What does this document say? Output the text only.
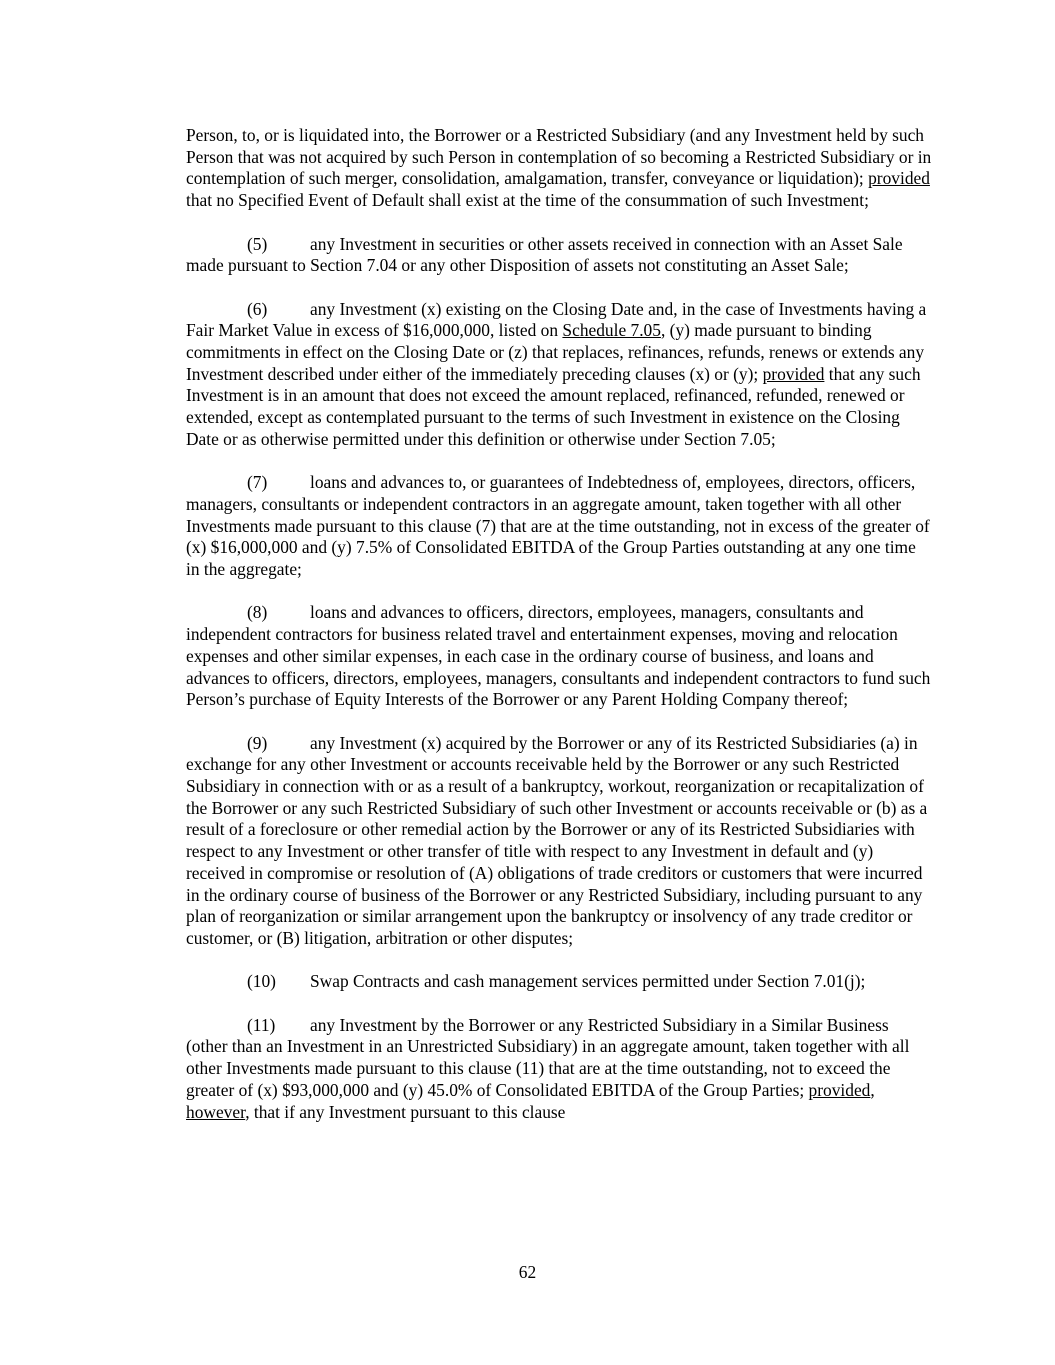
Person, to, or is liquidated into, the Borrower or a Restricted Subsidiary (and any Investment held by such Person that was not acquired by such Person in contemplation of so becoming a Restricted Subsidiary or in contemplation of such merger, consolidation, amalgamation, transfer, conveyance or liquidation); provided that no Specified Event of Default shall exist at the time of the consummation of such Investment;

(5) any Investment in securities or other assets received in connection with an Asset Sale made pursuant to Section 7.04 or any other Disposition of assets not constituting an Asset Sale;

(6) any Investment (x) existing on the Closing Date and, in the case of Investments having a Fair Market Value in excess of $16,000,000, listed on Schedule 7.05, (y) made pursuant to binding commitments in effect on the Closing Date or (z) that replaces, refinances, refunds, renews or extends any Investment described under either of the immediately preceding clauses (x) or (y); provided that any such Investment is in an amount that does not exceed the amount replaced, refinanced, refunded, renewed or extended, except as contemplated pursuant to the terms of such Investment in existence on the Closing Date or as otherwise permitted under this definition or otherwise under Section 7.05;

(7) loans and advances to, or guarantees of Indebtedness of, employees, directors, officers, managers, consultants or independent contractors in an aggregate amount, taken together with all other Investments made pursuant to this clause (7) that are at the time outstanding, not in excess of the greater of (x) $16,000,000 and (y) 7.5% of Consolidated EBITDA of the Group Parties outstanding at any one time in the aggregate;

(8) loans and advances to officers, directors, employees, managers, consultants and independent contractors for business related travel and entertainment expenses, moving and relocation expenses and other similar expenses, in each case in the ordinary course of business, and loans and advances to officers, directors, employees, managers, consultants and independent contractors to fund such Person’s purchase of Equity Interests of the Borrower or any Parent Holding Company thereof;

(9) any Investment (x) acquired by the Borrower or any of its Restricted Subsidiaries (a) in exchange for any other Investment or accounts receivable held by the Borrower or any such Restricted Subsidiary in connection with or as a result of a bankruptcy, workout, reorganization or recapitalization of the Borrower or any such Restricted Subsidiary of such other Investment or accounts receivable or (b) as a result of a foreclosure or other remedial action by the Borrower or any of its Restricted Subsidiaries with respect to any Investment or other transfer of title with respect to any Investment in default and (y) received in compromise or resolution of (A) obligations of trade creditors or customers that were incurred in the ordinary course of business of the Borrower or any Restricted Subsidiary, including pursuant to any plan of reorganization or similar arrangement upon the bankruptcy or insolvency of any trade creditor or customer, or (B) litigation, arbitration or other disputes;

(10) Swap Contracts and cash management services permitted under Section 7.01(j);

(11) any Investment by the Borrower or any Restricted Subsidiary in a Similar Business (other than an Investment in an Unrestricted Subsidiary) in an aggregate amount, taken together with all other Investments made pursuant to this clause (11) that are at the time outstanding, not to exceed the greater of (x) $93,000,000 and (y) 45.0% of Consolidated EBITDA of the Group Parties; provided, however, that if any Investment pursuant to this clause

62
